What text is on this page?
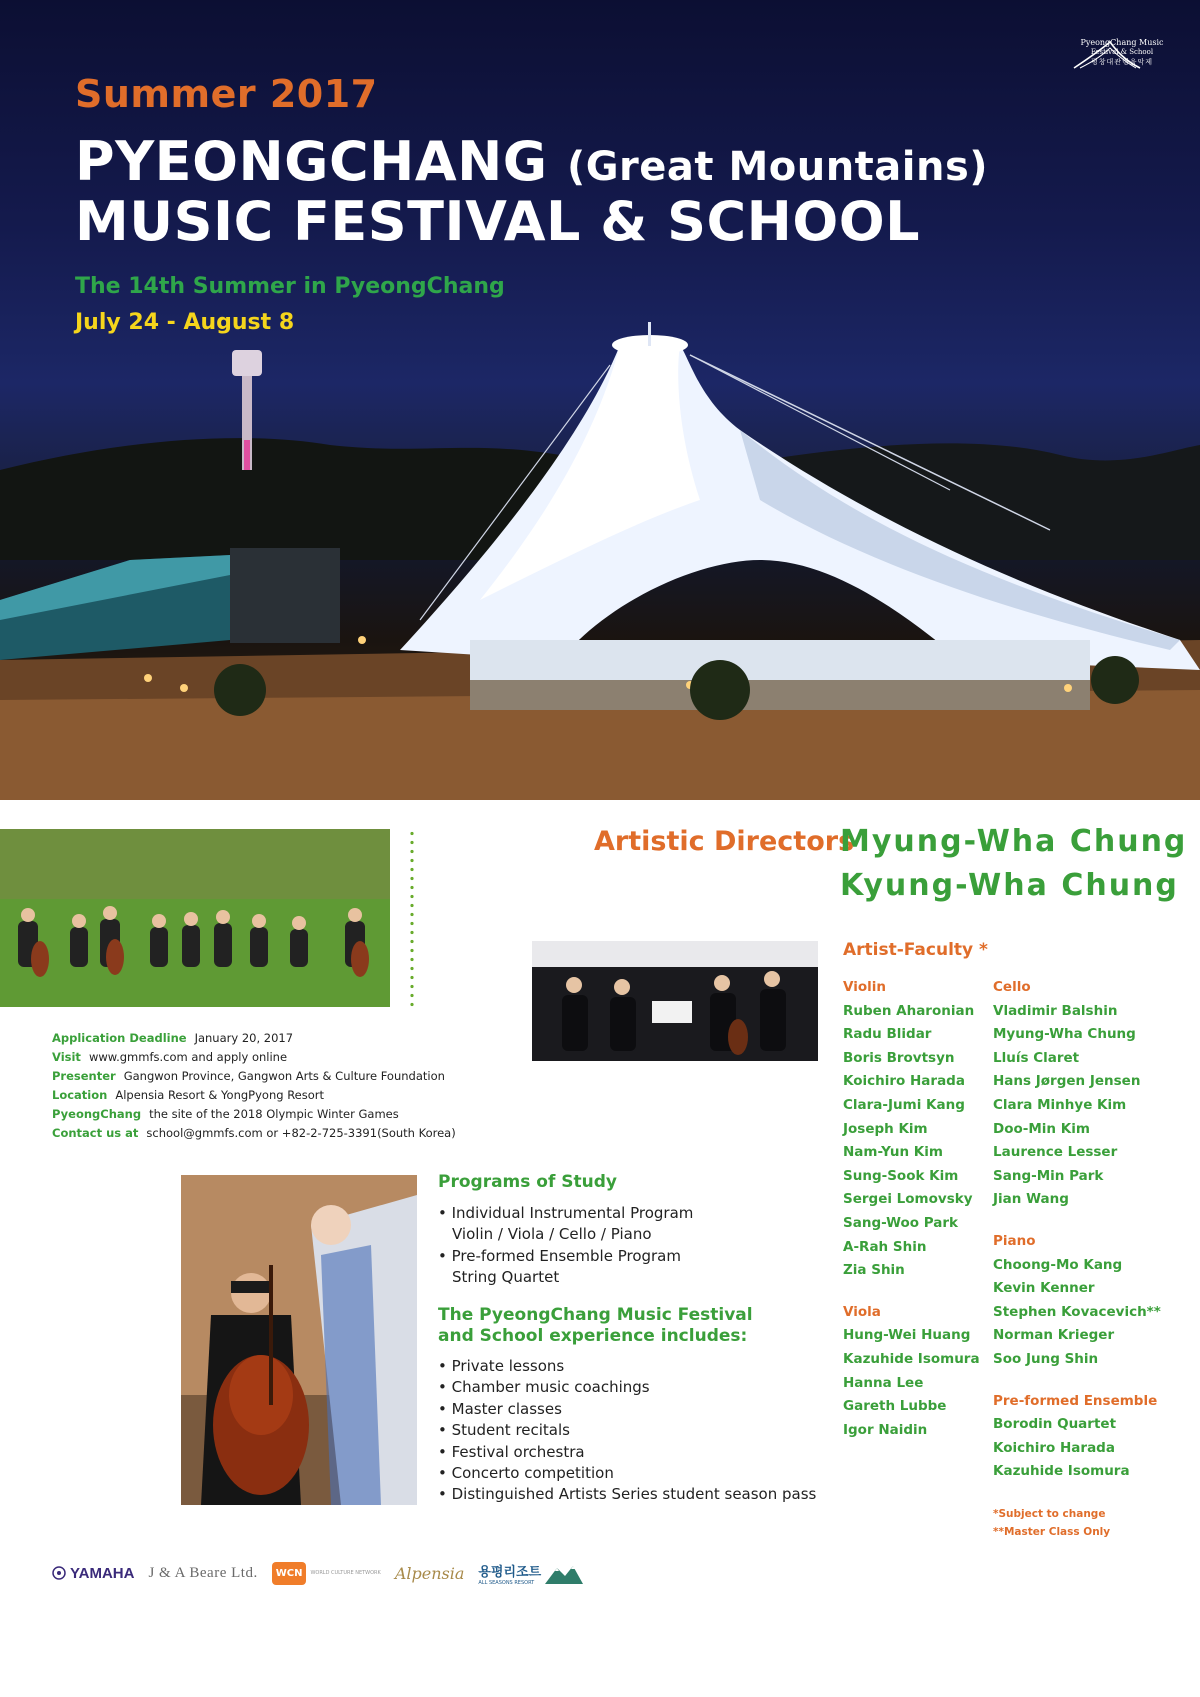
Summer 2017
PYEONGCHANG (Great Mountains)
MUSIC FESTIVAL & SCHOOL
The 14th Summer in PyeongChang
July 24 - August 8
PyeongChang Music
Festival & School
평창대관령음악제
Application Deadline January 20, 2017
Visit www.gmmfs.com and apply online
Presenter Gangwon Province, Gangwon Arts & Culture Foundation
Location Alpensia Resort & YongPyong Resort
PyeongChang the site of the 2018 Olympic Winter Games
Contact us at school@gmmfs.com or +82-2-725-3391(South Korea)
Artistic Directors
Myung-Wha Chung
Kyung-Wha Chung
Artist-Faculty *
Violin
Ruben Aharonian
Radu Blidar
Boris Brovtsyn
Koichiro Harada
Clara-Jumi Kang
Joseph Kim
Nam-Yun Kim
Sung-Sook Kim
Sergei Lomovsky
Sang-Woo Park
A-Rah Shin
Zia Shin
Viola
Hung-Wei Huang
Kazuhide Isomura
Hanna Lee
Gareth Lubbe
Igor Naidin
Cello
Vladimir Balshin
Myung-Wha Chung
Lluís Claret
Hans Jørgen Jensen
Clara Minhye Kim
Doo-Min Kim
Laurence Lesser
Sang-Min Park
Jian Wang
Piano
Choong-Mo Kang
Kevin Kenner
Stephen Kovacevich**
Norman Krieger
Soo Jung Shin
Pre-formed Ensemble
Borodin Quartet
Koichiro Harada
Kazuhide Isomura
*Subject to change
**Master Class Only
Programs of Study
• Individual Instrumental Program
Violin / Viola / Cello / Piano
• Pre-formed Ensemble Program
String Quartet
The PyeongChang Music Festival
and School experience includes:
• Private lessons
• Chamber music coachings
• Master classes
• Student recitals
• Festival orchestra
• Concerto competition
• Distinguished Artists Series student season pass
YAMAHA J & A Beare Ltd.	WCN	WORLD CULTURE NETWORK Alpensia 용평리조트
ALL SEASONS RESORT
